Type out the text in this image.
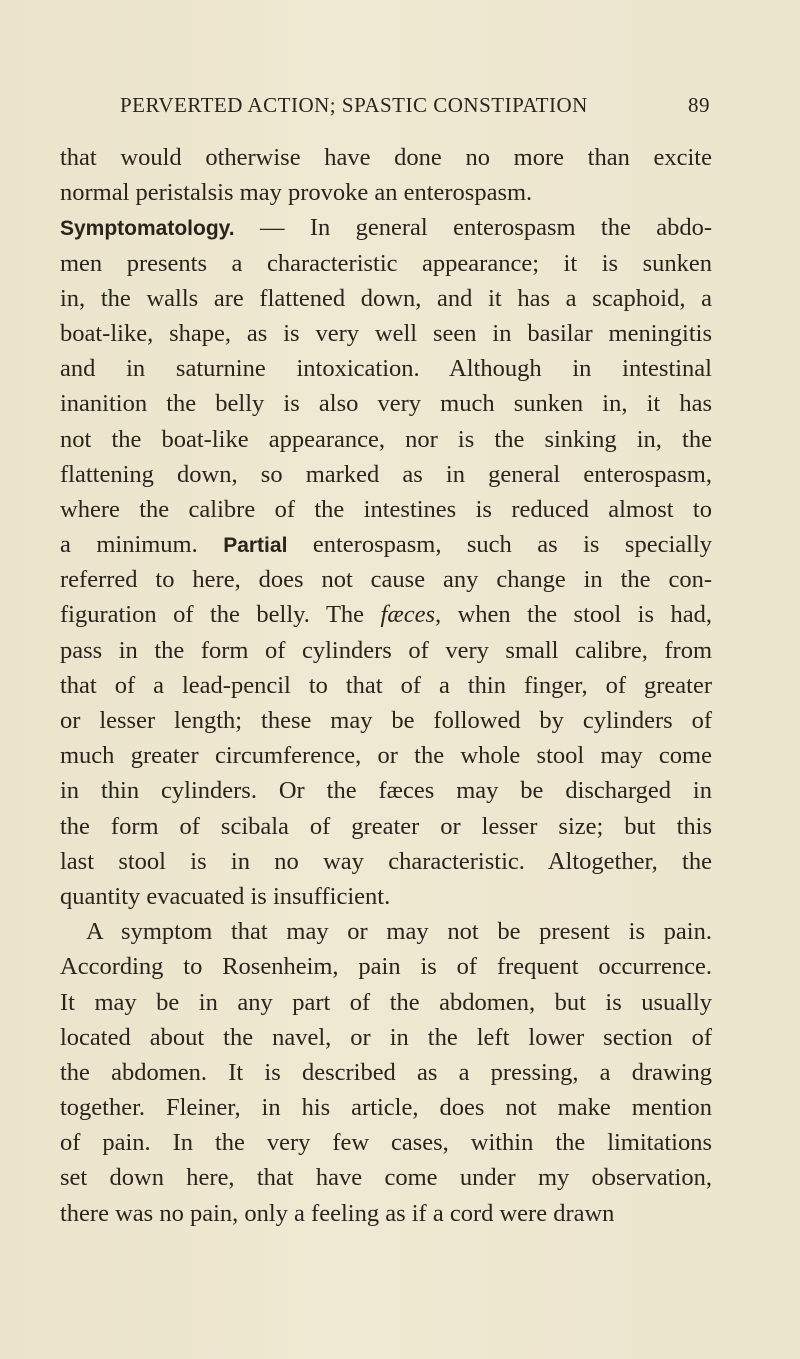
PERVERTED ACTION; SPASTIC CONSTIPATION	89
that would otherwise have done no more than excite
normal peristalsis may provoke an enterospasm.
Symptomatology. — In general enterospasm the abdo-
men presents a characteristic appearance; it is sunken
in, the walls are flattened down, and it has a scaphoid, a
boat-like, shape, as is very well seen in basilar meningitis
and in saturnine intoxication. Although in intestinal
inanition the belly is also very much sunken in, it has
not the boat-like appearance, nor is the sinking in, the
flattening down, so marked as in general enterospasm,
where the calibre of the intestines is reduced almost to
a minimum. Partial enterospasm, such as is specially
referred to here, does not cause any change in the con-
figuration of the belly. The fæces, when the stool is had,
pass in the form of cylinders of very small calibre, from
that of a lead-pencil to that of a thin finger, of greater
or lesser length; these may be followed by cylinders of
much greater circumference, or the whole stool may come
in thin cylinders. Or the fæces may be discharged in
the form of scibala of greater or lesser size; but this
last stool is in no way characteristic. Altogether, the
quantity evacuated is insufficient.
A symptom that may or may not be present is pain.
According to Rosenheim, pain is of frequent occurrence.
It may be in any part of the abdomen, but is usually
located about the navel, or in the left lower section of
the abdomen. It is described as a pressing, a drawing
together. Fleiner, in his article, does not make mention
of pain. In the very few cases, within the limitations
set down here, that have come under my observation,
there was no pain, only a feeling as if a cord were drawn
